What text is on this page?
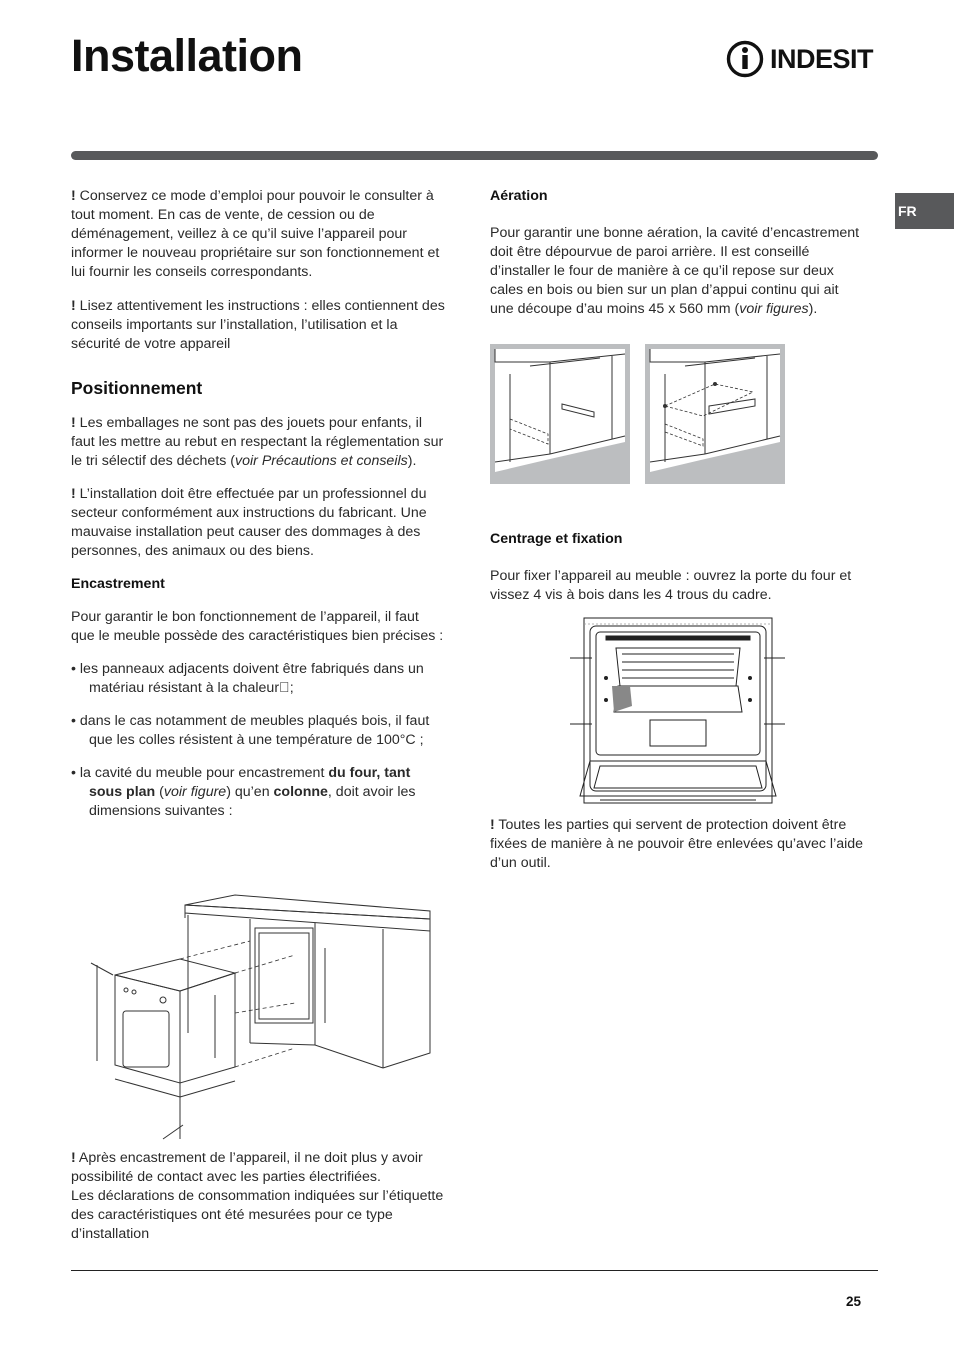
Installation	INDESIT
FR

! Conservez ce mode d’emploi pour pouvoir le consulter à tout moment. En cas de vente, de cession ou de déménagement, veillez à ce qu’il suive l’appareil pour informer le nouveau propriétaire sur son fonctionnement et lui fournir les conseils correspondants.

! Lisez attentivement les instructions : elles contiennent des conseils importants sur l’installation, l’utilisation et la sécurité de votre appareil

Positionnement

! Les emballages ne sont pas des jouets pour enfants, il faut les mettre au rebut en respectant la réglementation sur le tri sélectif des déchets (voir Précautions et conseils).

! L’installation doit être effectuée par un professionnel du secteur conformément aux instructions du fabricant. Une mauvaise installation peut causer des dommages à des personnes, des animaux ou des biens.

Encastrement

Pour garantir le bon fonctionnement de l’appareil, il faut que le meuble possède des caractéristiques bien précises :

• les panneaux adjacents doivent être fabriqués dans un matériau résistant à la chaleur ;

• dans le cas notamment de meubles plaqués bois, il faut que les colles résistent à une température de 100°C ;

• la cavité du meuble pour encastrement du four, tant sous plan (voir figure) qu’en colonne, doit avoir les dimensions suivantes :

! Après encastrement de l’appareil, il ne doit plus y avoir possibilité de contact avec les parties électrifiées.

Les déclarations de consommation indiquées sur l’étiquette des caractéristiques ont été mesurées pour ce type d’installation

Aération

Pour garantir une bonne aération, la cavité d’encastrement doit être dépourvue de paroi arrière. Il est conseillé d’installer le four de manière à ce qu’il repose sur deux cales en bois ou bien sur un plan d’appui continu qui ait une découpe d’au moins 45 x 560 mm (voir figures).

Centrage et fixation

Pour fixer l’appareil au meuble : ouvrez la porte du four et vissez 4 vis à bois dans les 4 trous du cadre.

! Toutes les parties qui servent de protection doivent être fixées de manière à ne pouvoir être enlevées qu’avec l’aide d’un outil.

25
